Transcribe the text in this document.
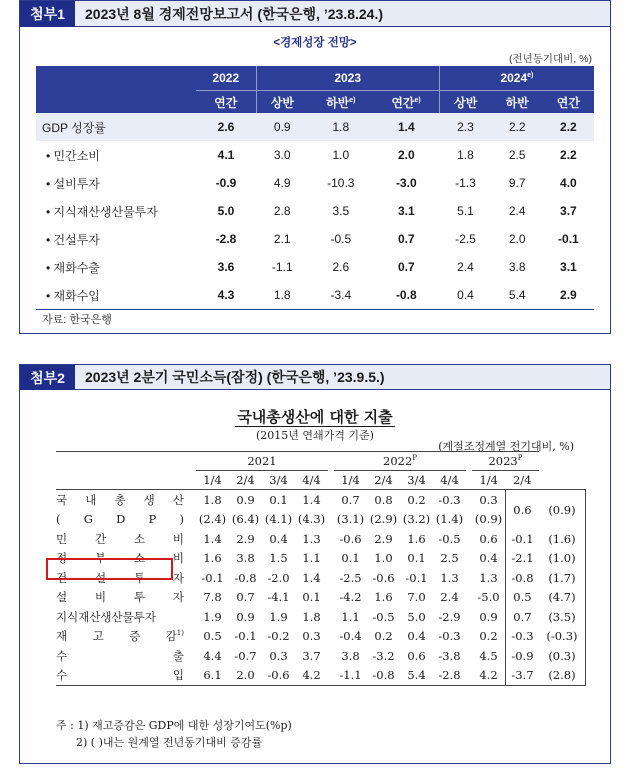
첨부1	2023년 8월 경제전망보고서 (한국은행, ’23.8.24.)
<경제성장 전망>
(전년동기대비, %)
	2022	2023			2024$^{e)}$
	연간	상반	하반$^{e)}$	연간$^{e)}$	상반	하반	연간
GDP 성장률	2.6	0.9	1.8	1.4	2.3	2.2	2.2
• 민간소비	4.1	3.0	1.0	2.0	1.8	2.5	2.2
• 설비투자	-0.9	4.9	-10.3	-3.0	-1.3	9.7	4.0
• 지식재산생산물투자	5.0	2.8	3.5	3.1	5.1	2.4	3.7
• 건설투자	-2.8	2.1	-0.5	0.7	-2.5	2.0	-0.1
• 재화수출	3.6	-1.1	2.6	0.7	2.4	3.8	3.1
• 재화수입	4.3	1.8	-3.4	-0.8	0.4	5.4	2.9
자료: 한국은행
첨부2	2023년 2분기 국민소득(잠정) (한국은행, ’23.9.5.)
국내총생산에 대한 지출
(2015년 연쇄가격 기준)
(계절조정계열 전기대비, %)
		2021					$2022^P$					$2023^P$
		1/4	2/4	3/4	4/4		1/4	2/4	3/4	4/4		1/4	2/4	

국 내 총 생 산		1.8	0.9	0.1	1.4		0.7	0.8	0.2	-0.3		0.3	0.6	(0.9)

( G D P )		(2.4)	(6.4)	(4.1)	(4.3)		(3.1)	(2.9)	(3.2)	(1.4)		(0.9)		

민 간 소 비		1.4	2.9	0.4	1.3		-0.6	2.9	1.6	-0.5		0.6	-0.1	(1.6)

정 부 소 비		1.6	3.8	1.5	1.1		0.1	1.0	0.1	2.5		0.4	-2.1	(1.0)

건 설 투 자		-0.1	-0.8	-2.0	1.4		-2.5	-0.6	-0.1	1.3		1.3	-0.8	(1.7)

설 비 투 자		7.8	0.7	-4.1	0.1		-4.2	1.6	7.0	2.4		-5.0	0.5	(4.7)
지식재산생산물투자		1.9	0.9	1.9	1.8		1.1	-0.5	5.0	-2.9		0.9	0.7	(3.5)

재 고 증 감$^{1)}$		0.5	-0.1	-0.2	0.3		-0.4	0.2	0.4	-0.3		0.2	-0.3	(-0.3)

수 출		4.4	-0.7	0.3	3.7		3.8	-3.2	0.6	-3.8		4.5	-0.9	(0.3)

수 입		6.1	2.0	-0.6	4.2		-1.1	-0.8	5.4	-2.8		4.2	-3.7	(2.8)
주 : 1) 재고증감은 GDP에 대한 성장기여도(%p)
2) ( )내는 원계열 전년동기대비 증감률
